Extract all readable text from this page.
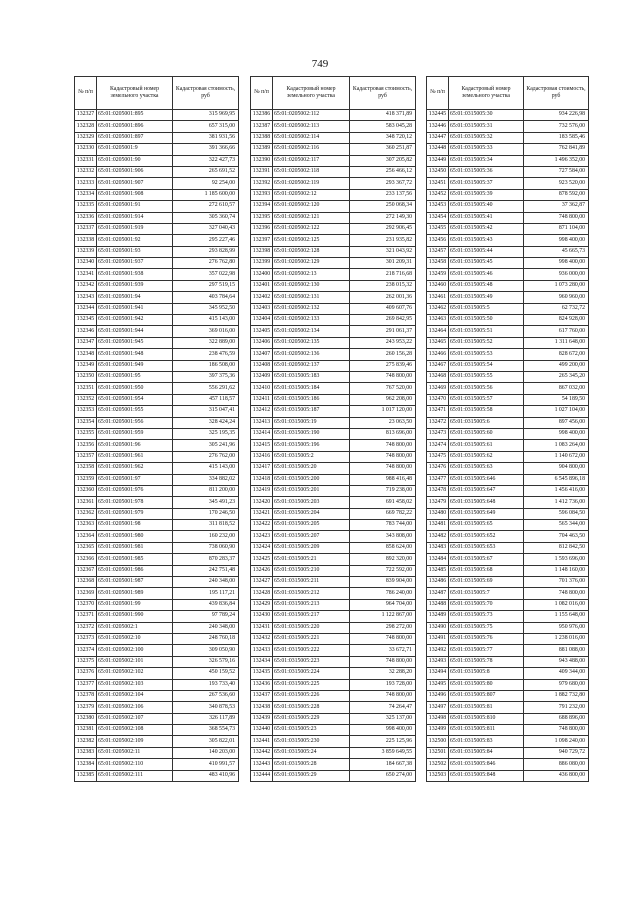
749
№ п/п	Кадастровый номер земельного участка	Кадастровая стоимость, руб
132327	65:01:0205001:895	315 969,95
132328	65:01:0205001:896	657 315,00
132329	65:01:0205001:897	381 931,56
132330	65:01:0205001:9	391 366,66
132331	65:01:0205001:90	322 427,73
132332	65:01:0205001:906	265 691,52
132333	65:01:0205001:907	92 254,00
132334	65:01:0205001:908	1 185 600,00
132335	65:01:0205001:91	272 610,57
132336	65:01:0205001:914	305 360,74
132337	65:01:0205001:919	327 040,43
132338	65:01:0205001:92	295 227,46
132339	65:01:0205001:93	293 828,99
132340	65:01:0205001:937	276 762,80
132341	65:01:0205001:938	357 022,98
132342	65:01:0205001:939	297 519,15
132343	65:01:0205001:94	403 784,64
132344	65:01:0205001:941	345 952,50
132345	65:01:0205001:942	415 143,00
132346	65:01:0205001:944	369 016,00
132347	65:01:0205001:945	322 889,00
132348	65:01:0205001:948	238 476,59
132349	65:01:0205001:949	186 508,00
132350	65:01:0205001:95	397 375,36
132351	65:01:0205001:950	556 291,62
132352	65:01:0205001:954	457 118,57
132353	65:01:0205001:955	315 047,41
132354	65:01:0205001:956	328 424,24
132355	65:01:0205001:959	325 195,35
132356	65:01:0205001:96	305 241,96
132357	65:01:0205001:961	276 762,00
132358	65:01:0205001:962	415 143,00
132359	65:01:0205001:97	334 882,02
132360	65:01:0205001:976	811 200,00
132361	65:01:0205001:978	345 491,23
132362	65:01:0205001:979	170 246,50
132363	65:01:0205001:98	311 818,52
132364	65:01:0205001:980	160 232,00
132365	65:01:0205001:981	738 060,90
132366	65:01:0205001:985	870 283,37
132367	65:01:0205001:986	242 751,48
132368	65:01:0205001:987	240 348,00
132369	65:01:0205001:989	195 117,21
132370	65:01:0205001:99	439 836,84
132371	65:01:0205001:990	97 789,24
132372	65:01:0205002:1	240 348,00
132373	65:01:0205002:10	248 760,18
132374	65:01:0205002:100	309 050,90
132375	65:01:0205002:101	326 579,16
132376	65:01:0205002:102	450 159,52
132377	65:01:0205002:103	193 733,40
132378	65:01:0205002:104	267 536,60
132379	65:01:0205002:106	340 878,53
132380	65:01:0205002:107	326 117,89
132381	65:01:0205002:108	368 554,73
132382	65:01:0205002:109	305 822,01
132383	65:01:0205002:11	140 203,00
132384	65:01:0205002:110	410 991,57
132385	65:01:0205002:111	483 410,96
№ п/п	Кадастровый номер земельного участка	Кадастровая стоимость, руб
132386	65:01:0205002:112	418 371,89
132387	65:01:0205002:113	583 045,28
132388	65:01:0205002:114	348 720,12
132389	65:01:0205002:116	360 251,87
132390	65:01:0205002:117	307 205,82
132391	65:01:0205002:118	256 466,12
132392	65:01:0205002:119	293 367,72
132393	65:01:0205002:12	233 137,56
132394	65:01:0205002:120	250 068,34
132395	65:01:0205002:121	272 149,30
132396	65:01:0205002:122	292 906,45
132397	65:01:0205002:125	231 935,82
132398	65:01:0205002:128	321 043,92
132399	65:01:0205002:129	301 209,31
132400	65:01:0205002:13	218 716,68
132401	65:01:0205002:130	238 015,32
132402	65:01:0205002:131	262 001,36
132403	65:01:0205002:132	409 607,76
132404	65:01:0205002:133	269 842,95
132405	65:01:0205002:134	291 061,37
132406	65:01:0205002:135	243 953,22
132407	65:01:0205002:136	260 156,28
132408	65:01:0205002:137	275 839,46
132409	65:01:0315005:183	748 800,00
132410	65:01:0315005:184	767 520,00
132411	65:01:0315005:186	962 208,00
132412	65:01:0315005:187	1 017 120,00
132413	65:01:0315005:19	23 063,50
132414	65:01:0315005:190	813 696,00
132415	65:01:0315005:196	748 800,00
132416	65:01:0315005:2	748 800,00
132417	65:01:0315005:20	748 800,00
132418	65:01:0315005:200	988 416,48
132419	65:01:0315005:201	719 238,00
132420	65:01:0315005:203	691 458,02
132421	65:01:0315005:204	669 782,22
132422	65:01:0315005:205	783 744,00
132423	65:01:0315005:207	343 808,00
132424	65:01:0315005:209	858 624,00
132425	65:01:0315005:21	892 320,00
132426	65:01:0315005:210	722 592,00
132427	65:01:0315005:211	839 904,00
132428	65:01:0315005:212	786 240,00
132429	65:01:0315005:213	964 704,00
132430	65:01:0315005:217	1 122 867,00
132431	65:01:0315005:220	298 272,00
132432	65:01:0315005:221	748 800,00
132433	65:01:0315005:222	33 672,71
132434	65:01:0315005:223	748 800,00
132435	65:01:0315005:224	32 288,20
132436	65:01:0315005:225	193 728,00
132437	65:01:0315005:226	748 800,00
132438	65:01:0315005:228	74 264,47
132439	65:01:0315005:229	325 137,00
132440	65:01:0315005:23	998 400,00
132441	65:01:0315005:230	225 125,96
132442	65:01:0315005:24	3 859 649,55
132443	65:01:0315005:28	184 667,38
132444	65:01:0315005:29	650 274,00
№ п/п	Кадастровый номер земельного участка	Кадастровая стоимость, руб
132445	65:01:0315005:30	934 226,98
132446	65:01:0315005:31	732 576,00
132447	65:01:0315005:32	183 585,46
132448	65:01:0315005:33	762 841,89
132449	65:01:0315005:34	1 496 352,00
132450	65:01:0315005:36	727 584,00
132451	65:01:0315005:37	923 520,00
132452	65:01:0315005:39	878 592,00
132453	65:01:0315005:40	37 362,87
132454	65:01:0315005:41	748 800,00
132455	65:01:0315005:42	871 104,00
132456	65:01:0315005:43	998 400,00
132457	65:01:0315005:44	45 665,73
132458	65:01:0315005:45	998 400,00
132459	65:01:0315005:46	936 000,00
132460	65:01:0315005:48	1 073 280,00
132461	65:01:0315005:49	960 960,00
132462	65:01:0315005:5	62 732,72
132463	65:01:0315005:50	824 928,00
132464	65:01:0315005:51	617 760,00
132465	65:01:0315005:52	1 311 648,00
132466	65:01:0315005:53	828 672,00
132467	65:01:0315005:54	499 200,00
132468	65:01:0315005:55	265 345,20
132469	65:01:0315005:56	867 032,00
132470	65:01:0315005:57	54 189,50
132471	65:01:0315005:58	1 027 104,00
132472	65:01:0315005:6	897 456,00
132473	65:01:0315005:60	998 400,00
132474	65:01:0315005:61	1 083 264,00
132475	65:01:0315005:62	1 140 672,00
132476	65:01:0315005:63	904 800,00
132477	65:01:0315005:646	6 545 896,18
132478	65:01:0315005:647	1 456 416,00
132479	65:01:0315005:648	1 412 736,00
132480	65:01:0315005:649	596 084,50
132481	65:01:0315005:65	565 344,00
132482	65:01:0315005:652	704 463,50
132483	65:01:0315005:653	812 842,50
132484	65:01:0315005:67	1 593 696,00
132485	65:01:0315005:68	1 148 160,00
132486	65:01:0315005:69	701 376,00
132487	65:01:0315005:7	748 800,00
132488	65:01:0315005:70	1 082 016,00
132489	65:01:0315005:73	1 155 648,00
132490	65:01:0315005:75	950 976,00
132491	65:01:0315005:76	1 238 016,00
132492	65:01:0315005:77	881 088,00
132493	65:01:0315005:78	943 488,00
132494	65:01:0315005:8	409 344,00
132495	65:01:0315005:80	979 680,00
132496	65:01:0315005:807	1 882 732,80
132497	65:01:0315005:81	791 232,00
132498	65:01:0315005:810	688 896,00
132499	65:01:0315005:811	748 800,00
132500	65:01:0315005:83	1 098 240,00
132501	65:01:0315005:84	940 729,72
132502	65:01:0315005:846	886 080,00
132503	65:01:0315005:848	436 800,00
